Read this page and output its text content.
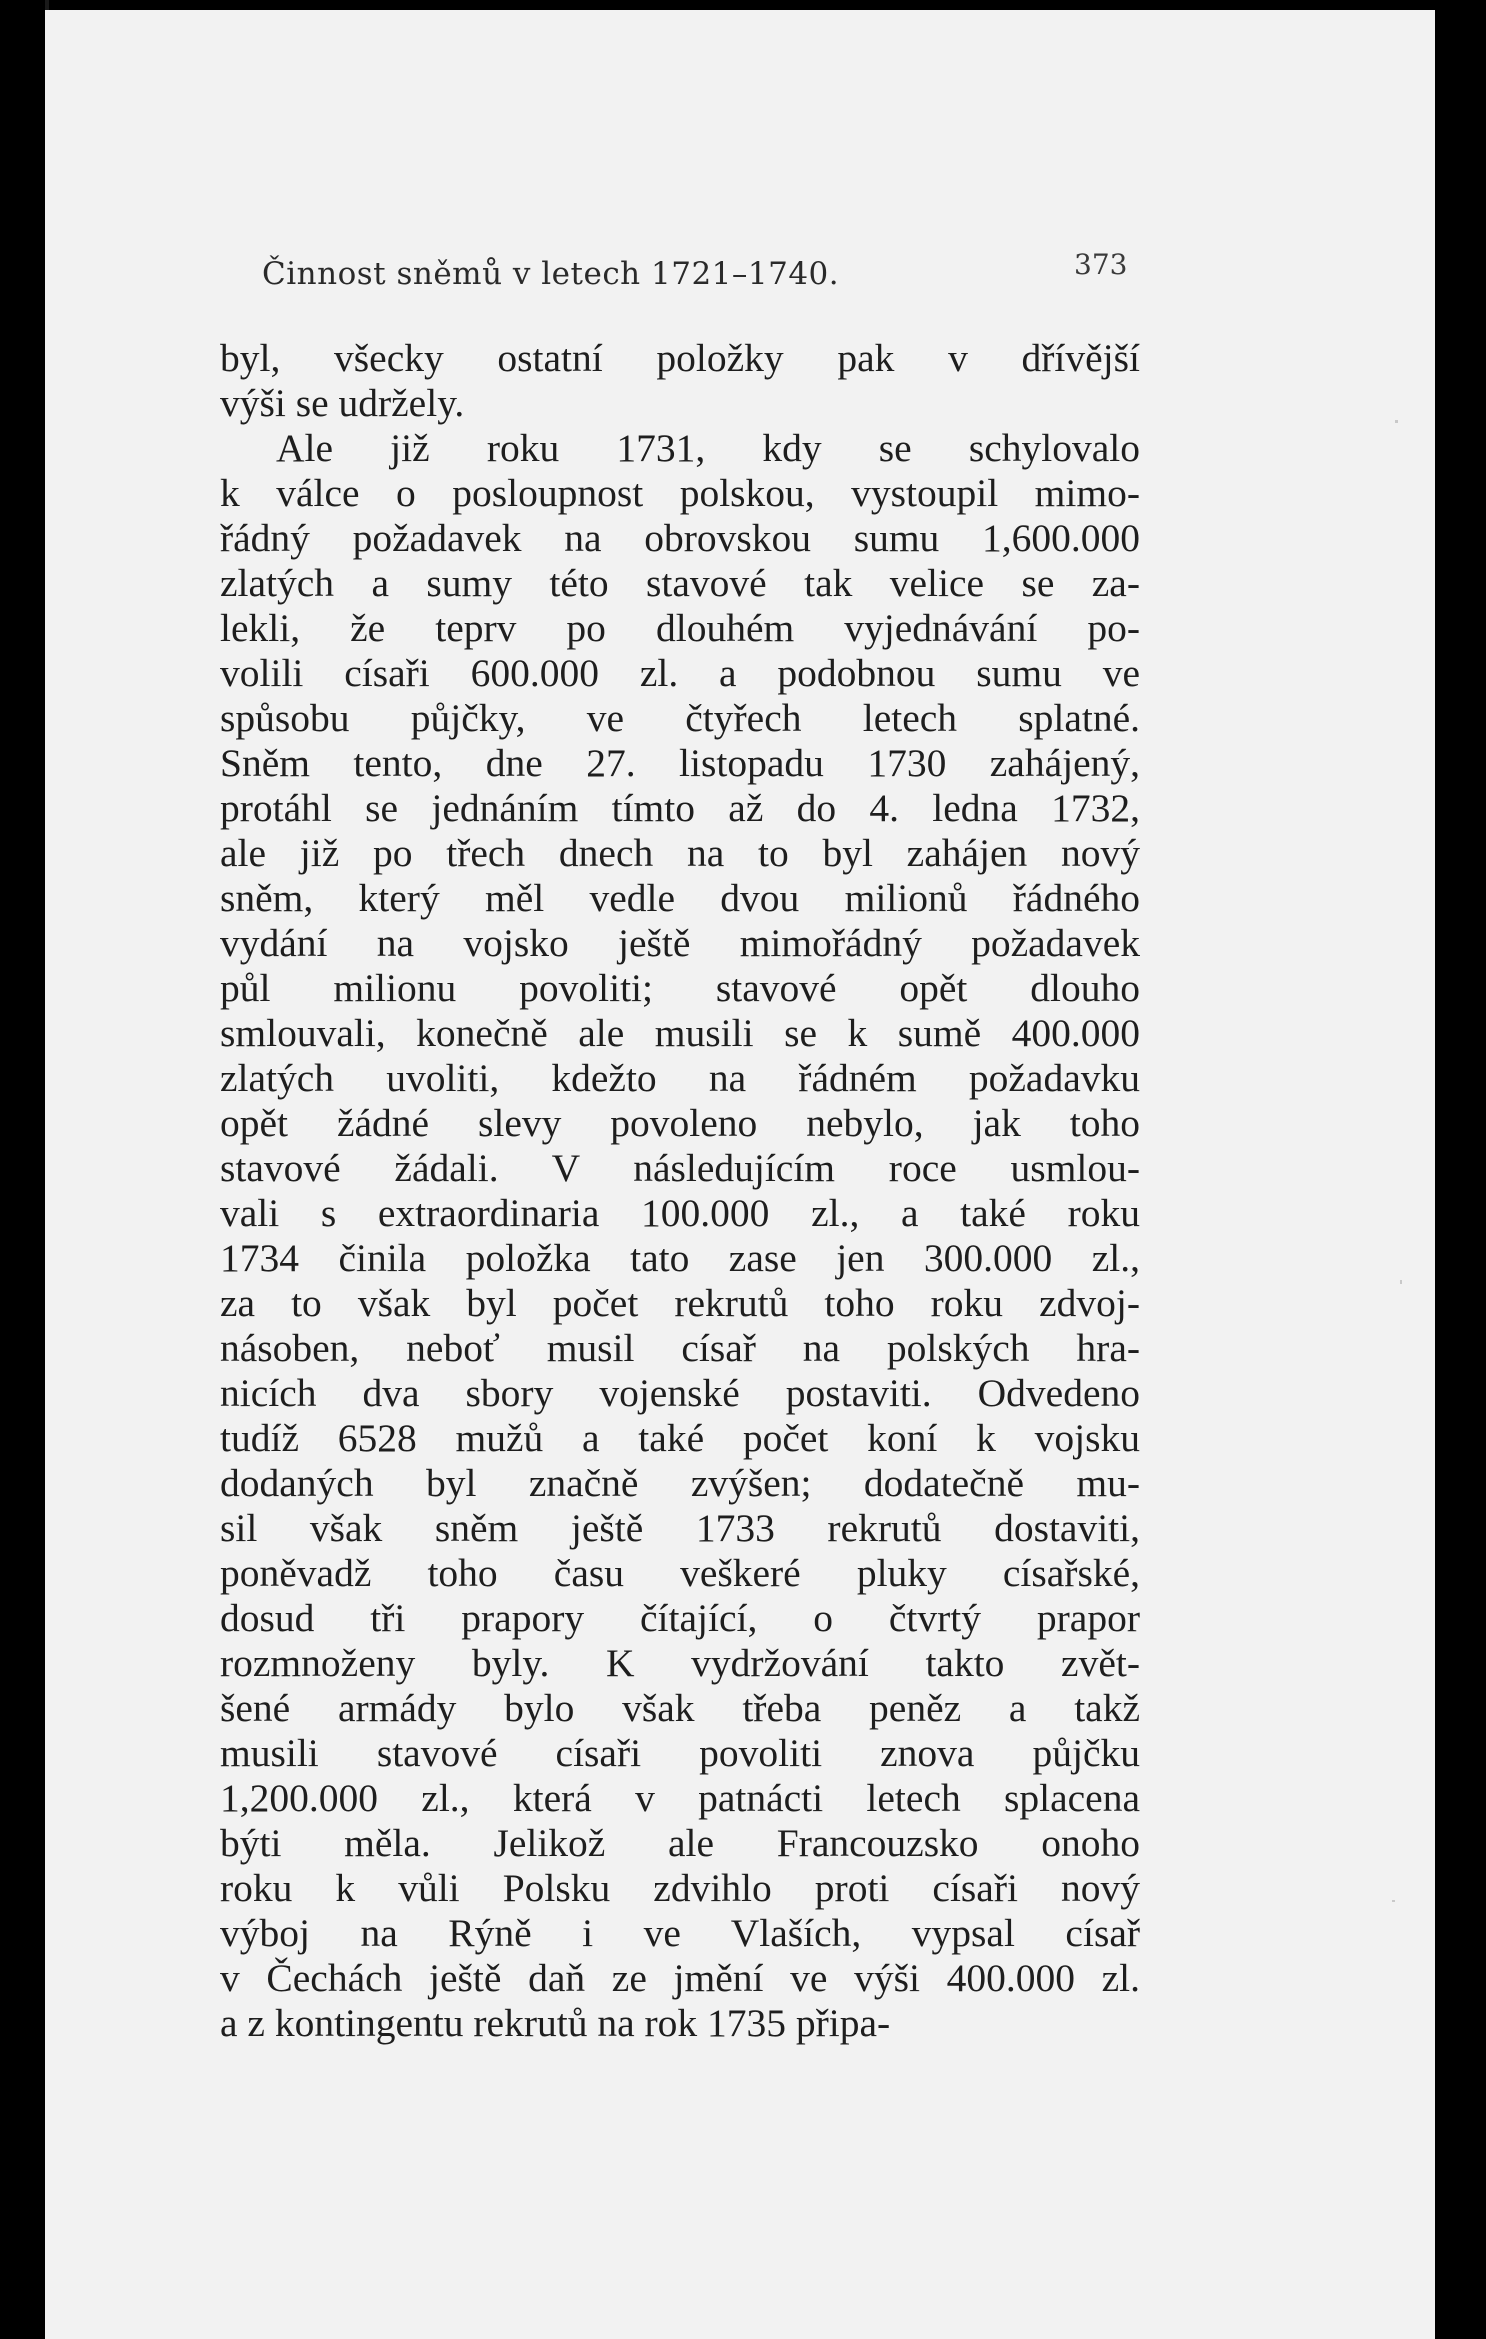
Činnost sněmů v letech 1721–1740.	373
byl, všecky ostatní položky pak v dřívější
výši se udržely.
Ale již roku 1731, kdy se schylovalo
k válce o posloupnost polskou, vystoupil mimo-
řádný požadavek na obrovskou sumu 1,600.000
zlatých a sumy této stavové tak velice se za-
lekli, že teprv po dlouhém vyjednávání po-
volili císaři 600.000 zl. a podobnou sumu ve
spůsobu půjčky, ve čtyřech letech splatné.
Sněm tento, dne 27. listopadu 1730 zahájený,
protáhl se jednáním tímto až do 4. ledna 1732,
ale již po třech dnech na to byl zahájen nový
sněm, který měl vedle dvou milionů řádného
vydání na vojsko ještě mimořádný požadavek
půl milionu povoliti; stavové opět dlouho
smlouvali, konečně ale musili se k sumě 400.000
zlatých uvoliti, kdežto na řádném požadavku
opět žádné slevy povoleno nebylo, jak toho
stavové žádali. V následujícím roce usmlou-
vali s extraordinaria 100.000 zl., a také roku
1734 činila položka tato zase jen 300.000 zl.,
za to však byl počet rekrutů toho roku zdvoj-
násoben, neboť musil císař na polských hra-
nicích dva sbory vojenské postaviti. Odvedeno
tudíž 6528 mužů a také počet koní k vojsku
dodaných byl značně zvýšen; dodatečně mu-
sil však sněm ještě 1733 rekrutů dostaviti,
poněvadž toho času veškeré pluky císařské,
dosud tři prapory čítající, o čtvrtý prapor
rozmnoženy byly. K vydržování takto zvět-
šené armády bylo však třeba peněz a takž
musili stavové císaři povoliti znova půjčku
1,200.000 zl., která v patnácti letech splacena
býti měla. Jelikož ale Francouzsko onoho
roku k vůli Polsku zdvihlo proti císaři nový
výboj na Rýně i ve Vlaších, vypsal císař
v Čechách ještě daň ze jmění ve výši 400.000 zl.
a z kontingentu rekrutů na rok 1735 připa-
